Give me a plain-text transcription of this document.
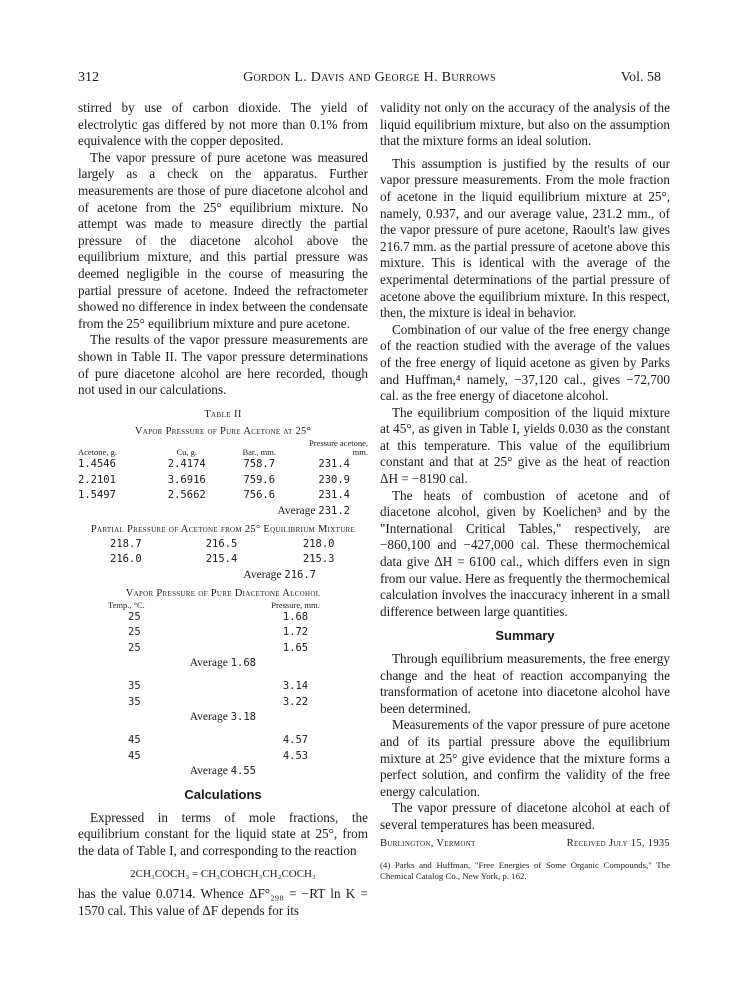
312	Gordon L. Davis and George H. Burrows	Vol. 58

stirred by use of carbon dioxide. The yield of electrolytic gas differed by not more than 0.1% from equivalence with the copper deposited.

The vapor pressure of pure acetone was measured largely as a check on the apparatus. Further measurements are those of pure diacetone alcohol and of acetone from the 25° equilibrium mixture. No attempt was made to measure directly the partial pressure of the diacetone alcohol above the equilibrium mixture, and this partial pressure was deemed negligible in the course of measuring the partial pressure of acetone. Indeed the refractometer showed no difference in index between the condensate from the 25° equilibrium mixture and pure acetone.

The results of the vapor pressure measurements are shown in Table II. The vapor pressure determinations of pure diacetone alcohol are here recorded, though not used in our calculations.

Table II
Vapor Pressure of Pure Acetone at 25°
Acetone, g.	Cu, g.	Bar., mm.	Pressure acetone, mm.
1.4546	2.4174	758.7	231.4
2.2101	3.6916	759.6	230.9
1.5497	2.5662	756.6	231.4
Average 231.2
Partial Pressure of Acetone from 25° Equilibrium Mixture
218.7	216.5	218.0
216.0	215.4	215.3
Average 216.7
Vapor Pressure of Pure Diacetone Alcohol
Temp., °C.	Pressure, mm.
25	1.68
25	1.72
25	1.65
Average 1.68
35	3.14
35	3.22
Average 3.18
45	4.57
45	4.53
Average 4.55
Calculations

Expressed in terms of mole fractions, the equilibrium constant for the liquid state at 25°, from the data of Table I, and corresponding to the reaction

2CH₃COCH₃ = CH₃COHCH₃CH₂COCH₃

has the value 0.0714. Whence ΔF°₂₉₈ = −RT ln K = 1570 cal. This value of ΔF depends for its

validity not only on the accuracy of the analysis of the liquid equilibrium mixture, but also on the assumption that the mixture forms an ideal solution.

This assumption is justified by the results of our vapor pressure measurements. From the mole fraction of acetone in the liquid equilibrium mixture at 25°, namely, 0.937, and our average value, 231.2 mm., of the vapor pressure of pure acetone, Raoult's law gives 216.7 mm. as the partial pressure of acetone above this mixture. This is identical with the average of the experimental determinations of the partial pressure of acetone above the equilibrium mixture. In this respect, then, the mixture is ideal in behavior.

Combination of our value of the free energy change of the reaction studied with the average of the values of the free energy of liquid acetone as given by Parks and Huffman,⁴ namely, −37,120 cal., gives −72,700 cal. as the free energy of diacetone alcohol.

The equilibrium composition of the liquid mixture at 45°, as given in Table I, yields 0.030 as the constant at this temperature. This value of the equilibrium constant and that at 25° give as the heat of reaction ΔH = −8190 cal.

The heats of combustion of acetone and of diacetone alcohol, given by Koelichen³ and by the "International Critical Tables," respectively, are −860,100 and −427,000 cal. These thermochemical data give ΔH = 6100 cal., which differs even in sign from our value. Here as frequently the thermochemical calculation involves the inaccuracy inherent in a small difference between large quantities.

Summary

Through equilibrium measurements, the free energy change and the heat of reaction accompanying the transformation of acetone into diacetone alcohol have been determined.

Measurements of the vapor pressure of pure acetone and of its partial pressure above the equilibrium mixture at 25° give evidence that the mixture forms a perfect solution, and confirm the validity of the free energy calculation.

The vapor pressure of diacetone alcohol at each of several temperatures has been measured.

Burlington, Vermont	Received July 15, 1935
(4) Parks and Huffman, "Free Energies of Some Organic Compounds," The Chemical Catalog Co., New York, p. 162.
